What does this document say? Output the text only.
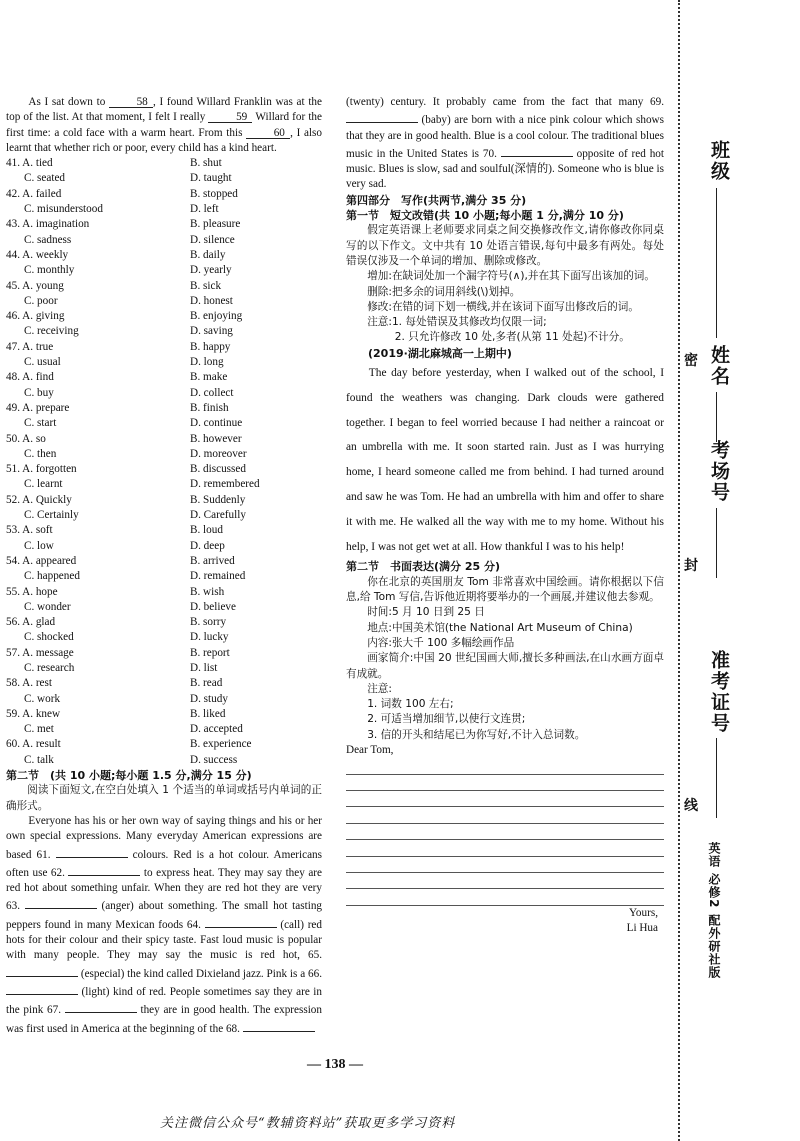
As I sat down to 58 , I found Willard Franklin was at the top of the list. At that moment, I felt I really 59 Willard for the first time: a cold face with a warm heart. From this 60 , I also learnt that whether rich or poor, every child has a kind heart.
41. A. tied	B. shut
C. seated	D. taught
42. A. failed	B. stopped
C. misunderstood	D. left
43. A. imagination	B. pleasure
C. sadness	D. silence
44. A. weekly	B. daily
C. monthly	D. yearly
45. A. young	B. sick
C. poor	D. honest
46. A. giving	B. enjoying
C. receiving	D. saving
47. A. true	B. happy
C. usual	D. long
48. A. find	B. make
C. buy	D. collect
49. A. prepare	B. finish
C. start	D. continue
50. A. so	B. however
C. then	D. moreover
51. A. forgotten	B. discussed
C. learnt	D. remembered
52. A. Quickly	B. Suddenly
C. Certainly	D. Carefully
53. A. soft	B. loud
C. low	D. deep
54. A. appeared	B. arrived
C. happened	D. remained
55. A. hope	B. wish
C. wonder	D. believe
56. A. glad	B. sorry
C. shocked	D. lucky
57. A. message	B. report
C. research	D. list
58. A. rest	B. read
C. work	D. study
59. A. knew	B. liked
C. met	D. accepted
60. A. result	B. experience
C. talk	D. success
第二节　(共 10 小题;每小题 1.5 分,满分 15 分)
阅读下面短文,在空白处填入 1 个适当的单词或括号内单词的正确形式。
Everyone has his or her own way of saying things and his or her own special expressions. Many everyday American expressions are based 61.	colours. Red is a hot colour. Americans often use 62.	to express heat. They may say they are red hot about something unfair. When they are red hot they are very 63.	(anger) about something. The small hot tasting peppers found in many Mexican foods 64.	(call) red hots for their colour and their spicy taste. Fast loud music is popular with many people. They may say the music is red hot, 65.  (especial) the kind called Dixieland jazz. Pink is a 66.  (light) kind of red. People sometimes say they are in the pink 67.	they are in good health. The expression was first used in America at the beginning of the 68.
(twenty) century. It probably came from the fact that many 69.  (baby) are born with a nice pink colour which shows that they are in good health. Blue is a cool colour. The traditional blues music in the United States is 70.	opposite of red hot music. Blues is slow, sad and soulful(深情的). Someone who is blue is very sad.
第四部分　写作(共两节,满分 35 分)
第一节　短文改错(共 10 小题;每小题 1 分,满分 10 分)
假定英语课上老师要求同桌之间交换修改作文,请你修改你同桌写的以下作文。文中共有 10 处语言错误,每句中最多有两处。每处错误仅涉及一个单词的增加、删除或修改。
增加:在缺词处加一个漏字符号(∧),并在其下面写出该加的词。
删除:把多余的词用斜线(\)划掉。
修改:在错的词下划一横线,并在该词下面写出修改后的词。
注意:1. 每处错误及其修改均仅限一词;
2. 只允许修改 10 处,多者(从第 11 处起)不计分。
(2019·湖北麻城高一上期中)
The day before yesterday, when I walked out of the school, I found the weathers was changing. Dark clouds were gathered together. I began to feel worried because I had neither a raincoat or an umbrella with me. It soon started rain. Just as I was hurrying home, I heard someone called me from behind. I had turned around and saw he was Tom. He had an umbrella with him and offer to share it with me. He walked all the way with me to my home. Without his help, I was not get wet at all. How thankful I was to his help!
第二节　书面表达(满分 25 分)
你在北京的英国朋友 Tom 非常喜欢中国绘画。请你根据以下信息,给 Tom 写信,告诉他近期将要举办的一个画展,并建议他去参观。
时间:5 月 10 日到 25 日
地点:中国美术馆(the National Art Museum of China)
内容:张大千 100 多幅绘画作品
画家简介:中国 20 世纪国画大师,擅长多种画法,在山水画方面卓有成就。
注意:
1. 词数 100 左右;
2. 可适当增加细节,以使行文连贯;
3. 信的开头和结尾已为你写好,不计入总词数。
Dear Tom,
Yours,
Li Hua
— 138 —
关注微信公众号“教辅资料站”获取更多学习资料
班级
密 姓名
考场号
封
准考证号
线
英语 必修2 配外研社版
